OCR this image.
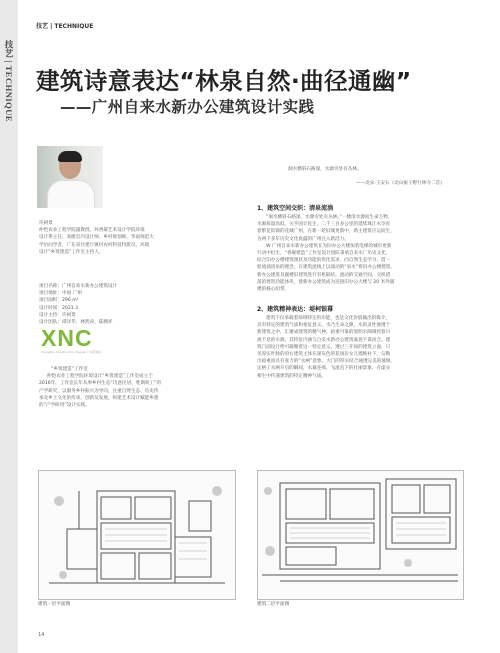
技艺 | TECHNIQUE
技艺 | TECHNIQUE
建筑诗意表达“林泉自然·曲径通幽”
——广州自来水新办公建筑设计实践
许树景
仲恺农业工程学院副教授、何香凝艺术设计学院环境
设计系主任、高级室内设计师、乡村规划师，华南师范大
学访问学者，广东省住建厅镇村农村科技特派员，环境
设计“乡筑建造”工作室主持人。
项目名称：广州自来水新办公建筑设计
项目地址：中国 广州
项目面积：296 m²
设计时间：2021.3
设计主持：许树景
设计团队：谭洋华、林凯涛、陆腾祥
XNC
Xiangzhu Construction Design / 乡筑建造
“乡筑建造”工作室
仲恺农业工程学院环境设计“乡筑建造”工作室成立于
2016年，工作室长年从事乡村生态“诗意民居、胜期荷工”的
产学研究，以服务乡村振兴为导向，注重自然生态、历史传
承及乡土文化的传承，创新及发展，构建艺术设计赋能乡建
的“产学研用”设计实践。
涧水横斜石路深，水源穷处有丛林。
——北宋·王安石《北山振子野行林寺二首》
1、建筑空间交织：清泉流淌
“涧水横斜石路深，水源穷处有丛林。”一楼清水源而生命万物，
水源质量高低，关乎国计民生。二千三百多公里的延续珠江水孕育
着繁花似锦的花城广州，在新一轮旧城更新中，新主建筑应运而生，
为两千多年历史文化底蕴的广州注入新活力。
W 广州自来水新办公建筑在为旧办公大楼加装电梯的城市更新
行动中衍生，“香凝建造”工作室设计团队秉承自来水厂历史文化，
结合旧办公楼建筑现状及功能的优化需求，向自然生态学习，借一
股流淌清泉的理念，在建筑流线上以流动的“泉水”将旧办公楼建筑、
新办公建筑及副楼旧建筑进行有机联结。流动的交通空间，交织错
落的建筑功能体块，使新办公建筑成为连接旧办公大楼与 20 米外副
楼的核心纽带。
2、建筑精神表达：堤柯银幕
建筑不仅承载着场域特定的功能，也是文化价值输出的媒介，
具有特定的建筑气质和象征意义。水乃生命之源，水的灵性渗透于
新建筑之中，汇聚成建筑的精气神。稳重可靠的堤明水阁调控着川
流不息的水源，其特征内涵与自来水新办公建筑离意不谋而合。建
筑门面设计给可凝聚着这一特定意义。透过三开间的建筑立面，只
见厚实叶脉的府右建筑主体在深灰色的花岗岩女儿墙映衬下，勾勒
出稳重而具有张力的“水闸”意象。大门的厚实结合通透完美的玻璃，
定格了水闸开启的瞬间，水幕连绵、飞流直下的壮丽景象，在虚实
相生中传递建筑的特定精神气质。
建筑一层平面图	建筑二层平面图
14
